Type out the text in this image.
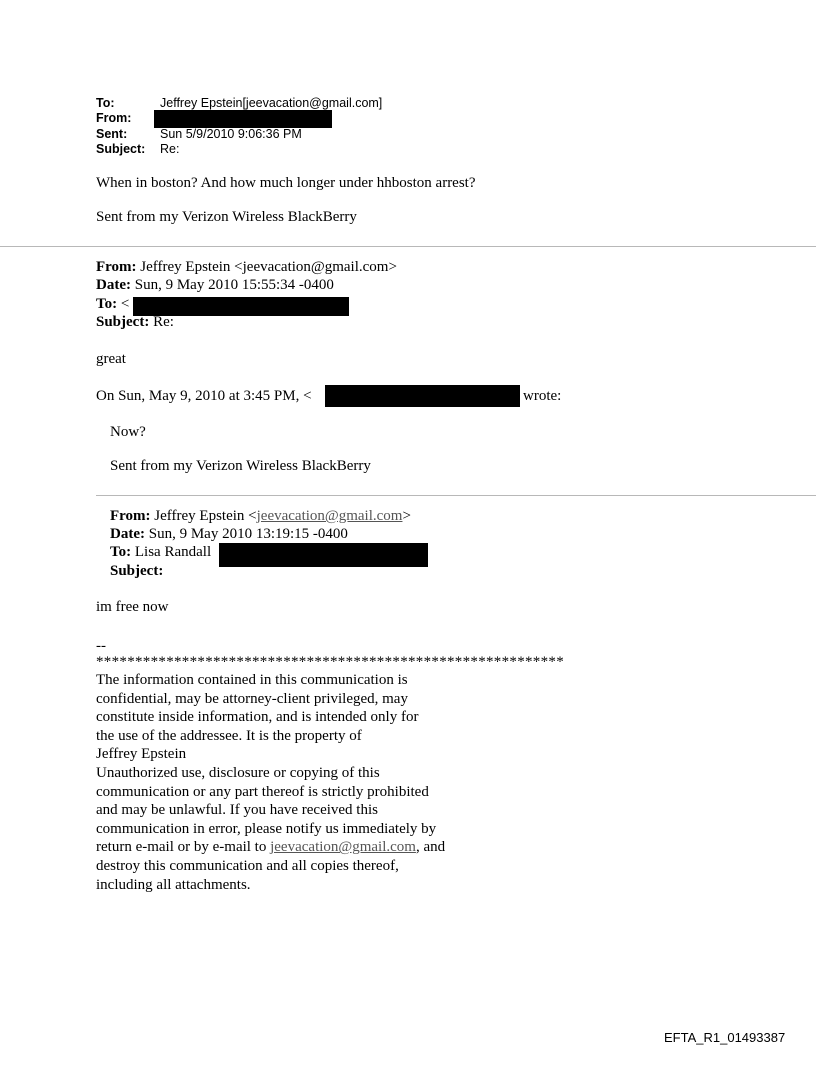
To:	Jeffrey Epstein[jeevacation@gmail.com]
From:
Sent:	Sun 5/9/2010 9:06:36 PM
Subject: Re:
When in boston? And how much longer under hhboston arrest?
Sent from my Verizon Wireless BlackBerry
From: Jeffrey Epstein <jeevacation@gmail.com>
Date: Sun, 9 May 2010 15:55:34 -0400
To: <
Subject: Re:
great
On Sun, May 9, 2010 at 3:45 PM, <	wrote:
Now?
Sent from my Verizon Wireless BlackBerry
From: Jeffrey Epstein <jeevacation@gmail.com>
Date: Sun, 9 May 2010 13:19:15 -0400
To: Lisa Randall
Subject:
im free now
--
************************************************************
The information contained in this communication is
confidential, may be attorney-client privileged, may
constitute inside information, and is intended only for
the use of the addressee. It is the property of
Jeffrey Epstein
Unauthorized use, disclosure or copying of this
communication or any part thereof is strictly prohibited
and may be unlawful. If you have received this
communication in error, please notify us immediately by
return e-mail or by e-mail to jeevacation@gmail.com, and
destroy this communication and all copies thereof,
including all attachments.
EFTA_R1_01493387
